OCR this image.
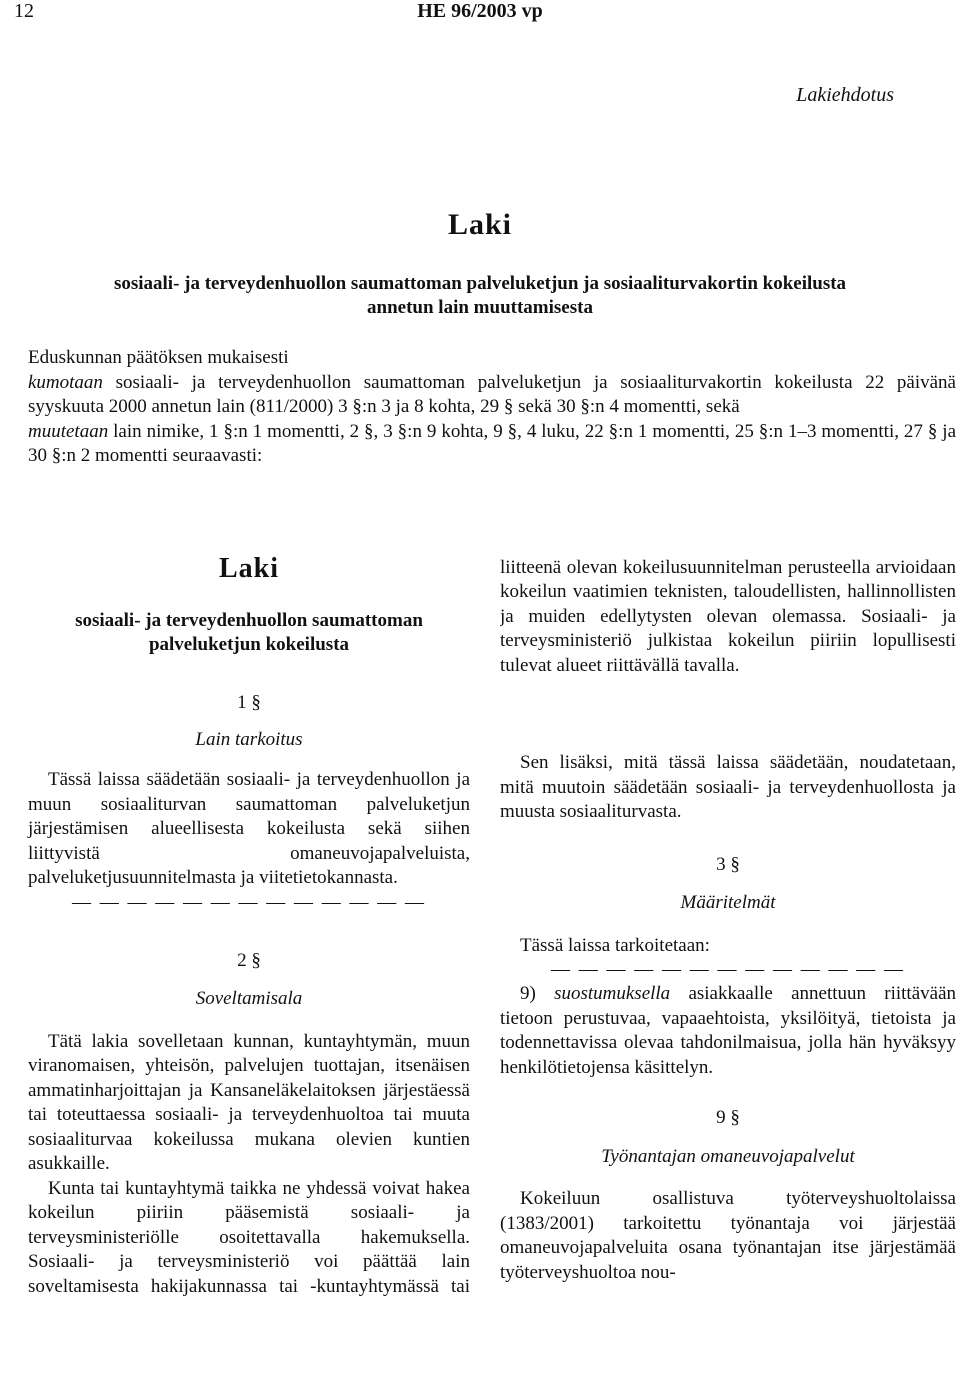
12	HE 96/2003 vp
Lakiehdotus
Laki
sosiaali- ja terveydenhuollon saumattoman palveluketjun ja sosiaaliturvakortin kokeilusta
annetun lain muuttamisesta

Eduskunnan päätöksen mukaisesti

kumotaan sosiaali- ja terveydenhuollon saumattoman palveluketjun ja sosiaaliturvakortin kokeilusta 22 päivänä syyskuuta 2000 annetun lain (811/2000) 3 §:n 3 ja 8 kohta, 29 § sekä 30 §:n 4 momentti, sekä

muutetaan lain nimike, 1 §:n 1 momentti, 2 §, 3 §:n 9 kohta, 9 §, 4 luku, 22 §:n 1 momentti, 25 §:n 1–3 momentti, 27 § ja 30 §:n 2 momentti seuraavasti:

Laki
sosiaali- ja terveydenhuollon saumattoman
palveluketjun kokeilusta
1 §
Lain tarkoitus

Tässä laissa säädetään sosiaali- ja terveydenhuollon ja muun sosiaaliturvan saumattoman palveluketjun järjestämisen alueellisesta kokeilusta sekä siihen liittyvistä omaneuvojapalveluista, palveluketjusuunnitelmasta ja viitetietokannasta.

— — — — — — — — — — — — —
2 §
Soveltamisala

Tätä lakia sovelletaan kunnan, kuntayhtymän, muun viranomaisen, yhteisön, palvelujen tuottajan, itsenäisen ammatinharjoittajan ja Kansaneläkelaitoksen järjestäessä tai toteuttaessa sosiaali- ja terveydenhuoltoa tai muuta sosiaaliturvaa kokeilussa mukana olevien kuntien asukkaille.

Kunta tai kuntayhtymä taikka ne yhdessä voivat hakea kokeilun piiriin pääsemistä sosiaali- ja terveysministeriölle osoitettavalla hakemuksella. Sosiaali- ja terveysministeriö voi päättää lain soveltamisesta hakijakunnassa tai -kuntayhtymässä tai

liitteenä olevan kokeilusuunnitelman perusteella arvioidaan kokeilun vaatimien teknisten, taloudellisten, hallinnollisten ja muiden edellytysten olevan olemassa. Sosiaali- ja terveysministeriö julkistaa kokeilun piiriin lopullisesti tulevat alueet riittävällä tavalla.

Sen lisäksi, mitä tässä laissa säädetään, noudatetaan, mitä muutoin säädetään sosiaali- ja terveydenhuollosta ja muusta sosiaaliturvasta.

3 §
Määritelmät

Tässä laissa tarkoitetaan:

— — — — — — — — — — — — —

9) suostumuksella asiakkaalle annettuun riittävään tietoon perustuvaa, vapaaehtoista, yksilöityä, tietoista ja todennettavissa olevaa tahdonilmaisua, jolla hän hyväksyy henkilötietojensa käsittelyn.

9 §
Työnantajan omaneuvojapalvelut

Kokeiluun osallistuva työterveyshuoltolaissa (1383/2001) tarkoitettu työnantaja voi järjestää omaneuvojapalveluita osana työnantajan itse järjestämää työterveyshuoltoa nou-
